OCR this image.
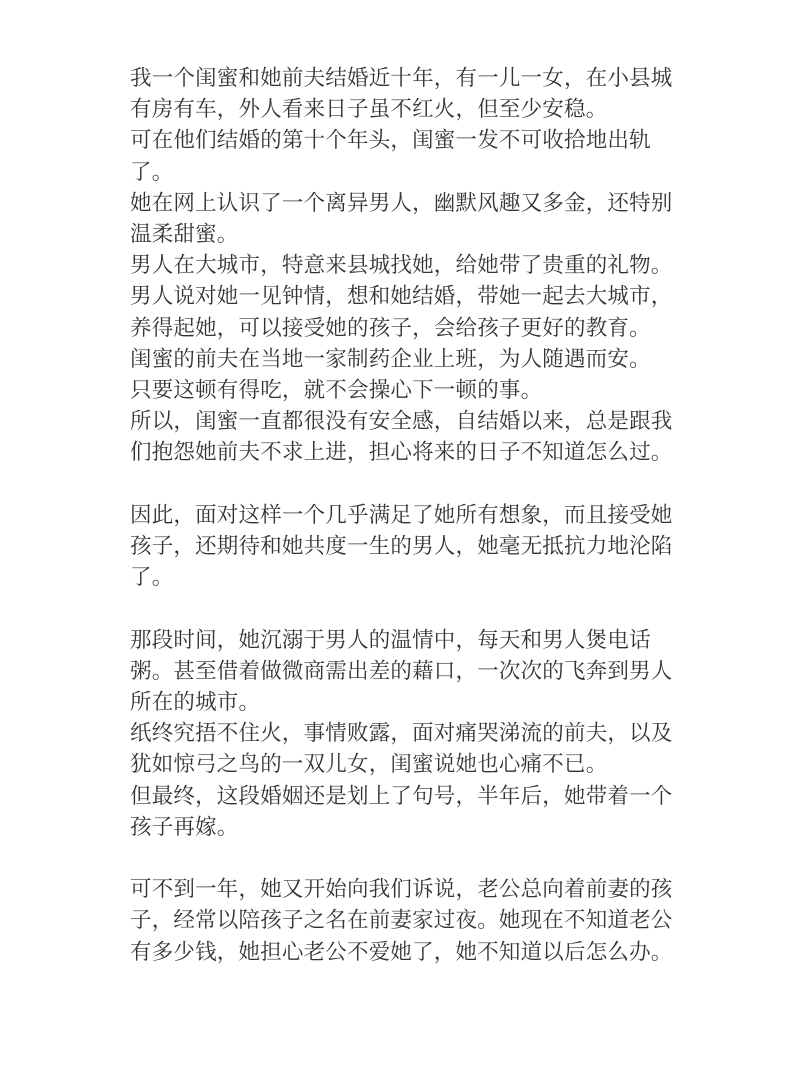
我一个闺蜜和她前夫结婚近十年，有一儿一女，在小县城有房有车，外人看来日子虽不红火，但至少安稳。
可在他们结婚的第十个年头，闺蜜一发不可收拾地出轨了。
她在网上认识了一个离异男人，幽默风趣又多金，还特别温柔甜蜜。
男人在大城市，特意来县城找她，给她带了贵重的礼物。
男人说对她一见钟情，想和她结婚，带她一起去大城市，养得起她，可以接受她的孩子，会给孩子更好的教育。
闺蜜的前夫在当地一家制药企业上班，为人随遇而安。
只要这顿有得吃，就不会操心下一顿的事。
所以，闺蜜一直都很没有安全感，自结婚以来，总是跟我们抱怨她前夫不求上进，担心将来的日子不知道怎么过。
因此，面对这样一个几乎满足了她所有想象，而且接受她孩子，还期待和她共度一生的男人，她毫无抵抗力地沦陷了。
那段时间，她沉溺于男人的温情中，每天和男人煲电话粥。甚至借着做微商需出差的藉口，一次次的飞奔到男人所在的城市。
纸终究捂不住火，事情败露，面对痛哭涕流的前夫，以及犹如惊弓之鸟的一双儿女，闺蜜说她也心痛不已。
但最终，这段婚姻还是划上了句号，半年后，她带着一个孩子再嫁。
可不到一年，她又开始向我们诉说，老公总向着前妻的孩子，经常以陪孩子之名在前妻家过夜。她现在不知道老公有多少钱，她担心老公不爱她了，她不知道以后怎么办。
